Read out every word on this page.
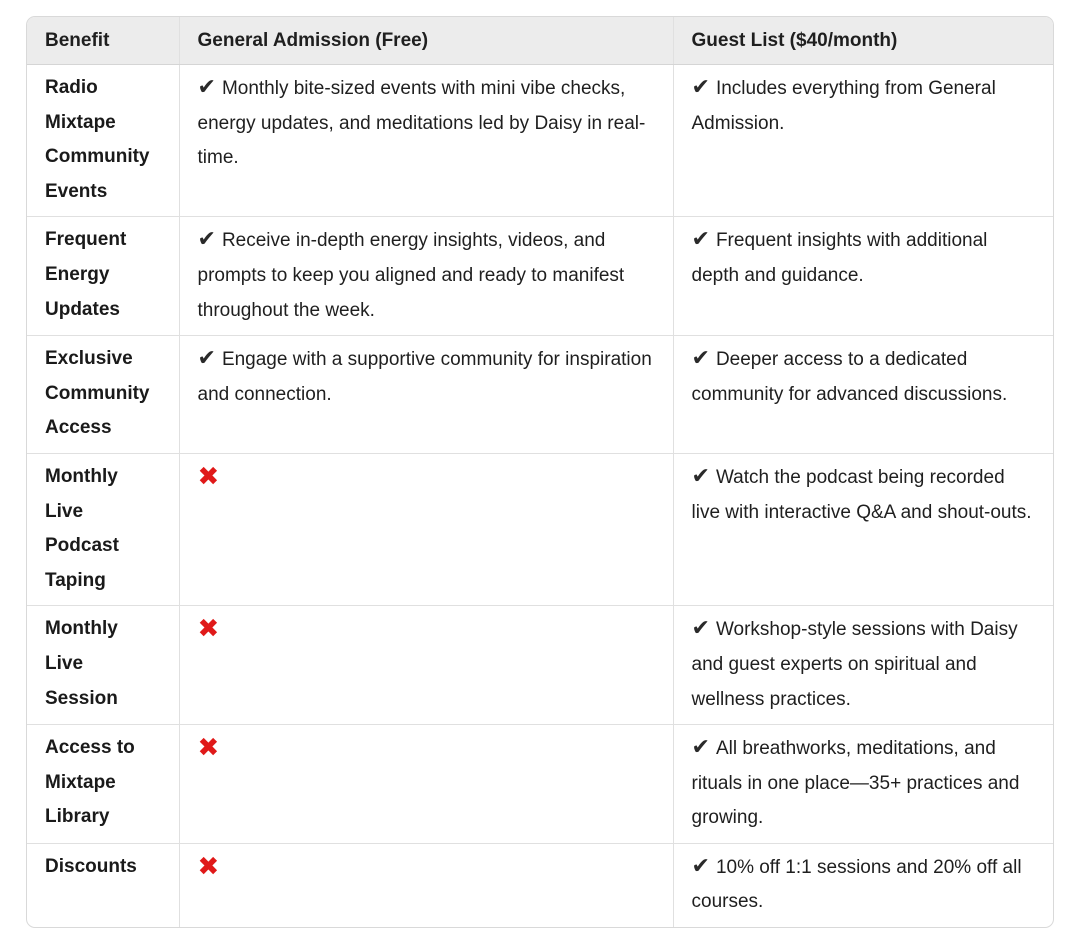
Benefit	General Admission (Free)	Guest List ($40/month)
Radio Mixtape Community Events	✔ Monthly bite-sized events with mini vibe checks, energy updates, and meditations led by Daisy in real-time.	✔ Includes everything from General Admission.
Frequent Energy Updates	✔ Receive in-depth energy insights, videos, and prompts to keep you aligned and ready to manifest throughout the week.	✔ Frequent insights with additional depth and guidance.
Exclusive Community Access	✔ Engage with a supportive community for inspiration and connection.	✔ Deeper access to a dedicated community for advanced discussions.
Monthly Live Podcast Taping	✖	✔ Watch the podcast being recorded live with interactive Q&A and shout-outs.
Monthly Live Session	✖	✔ Workshop-style sessions with Daisy and guest experts on spiritual and wellness practices.
Access to Mixtape Library	✖	✔ All breathworks, meditations, and rituals in one place—35+ practices and growing.
Discounts	✖	✔ 10% off 1:1 sessions and 20% off all courses.
